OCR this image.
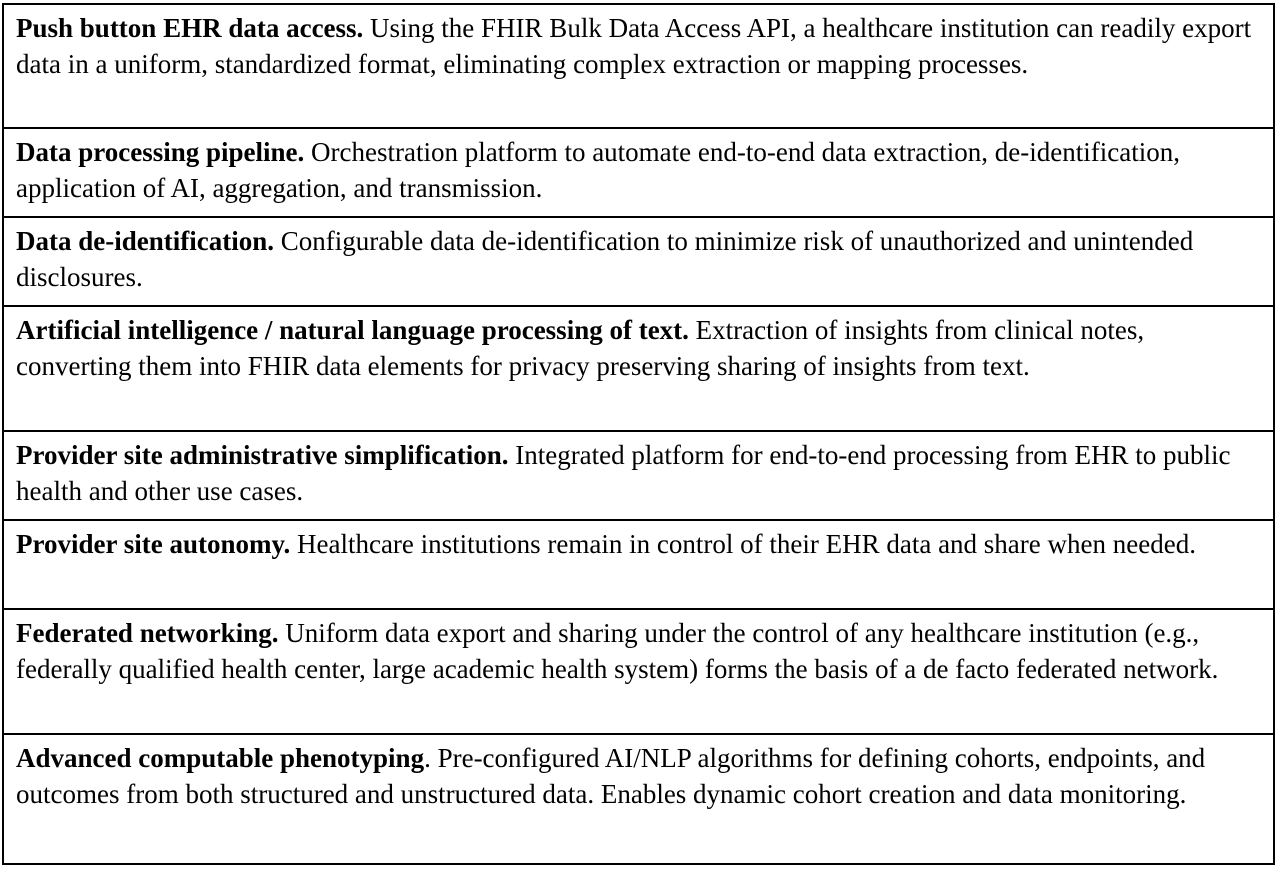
Push button EHR data access. Using the FHIR Bulk Data Access API, a healthcare institution can readily export data in a uniform, standardized format, eliminating complex extraction or mapping processes.
Data processing pipeline. Orchestration platform to automate end-to-end data extraction, de-identification, application of AI, aggregation, and transmission.
Data de-identification. Configurable data de-identification to minimize risk of unauthorized and unintended disclosures.
Artificial intelligence / natural language processing of text. Extraction of insights from clinical notes, converting them into FHIR data elements for privacy preserving sharing of insights from text.
Provider site administrative simplification. Integrated platform for end-to-end processing from EHR to public health and other use cases.
Provider site autonomy. Healthcare institutions remain in control of their EHR data and share when needed.
Federated networking. Uniform data export and sharing under the control of any healthcare institution (e.g., federally qualified health center, large academic health system) forms the basis of a de facto federated network.
Advanced computable phenotyping. Pre-configured AI/NLP algorithms for defining cohorts, endpoints, and outcomes from both structured and unstructured data. Enables dynamic cohort creation and data monitoring.
